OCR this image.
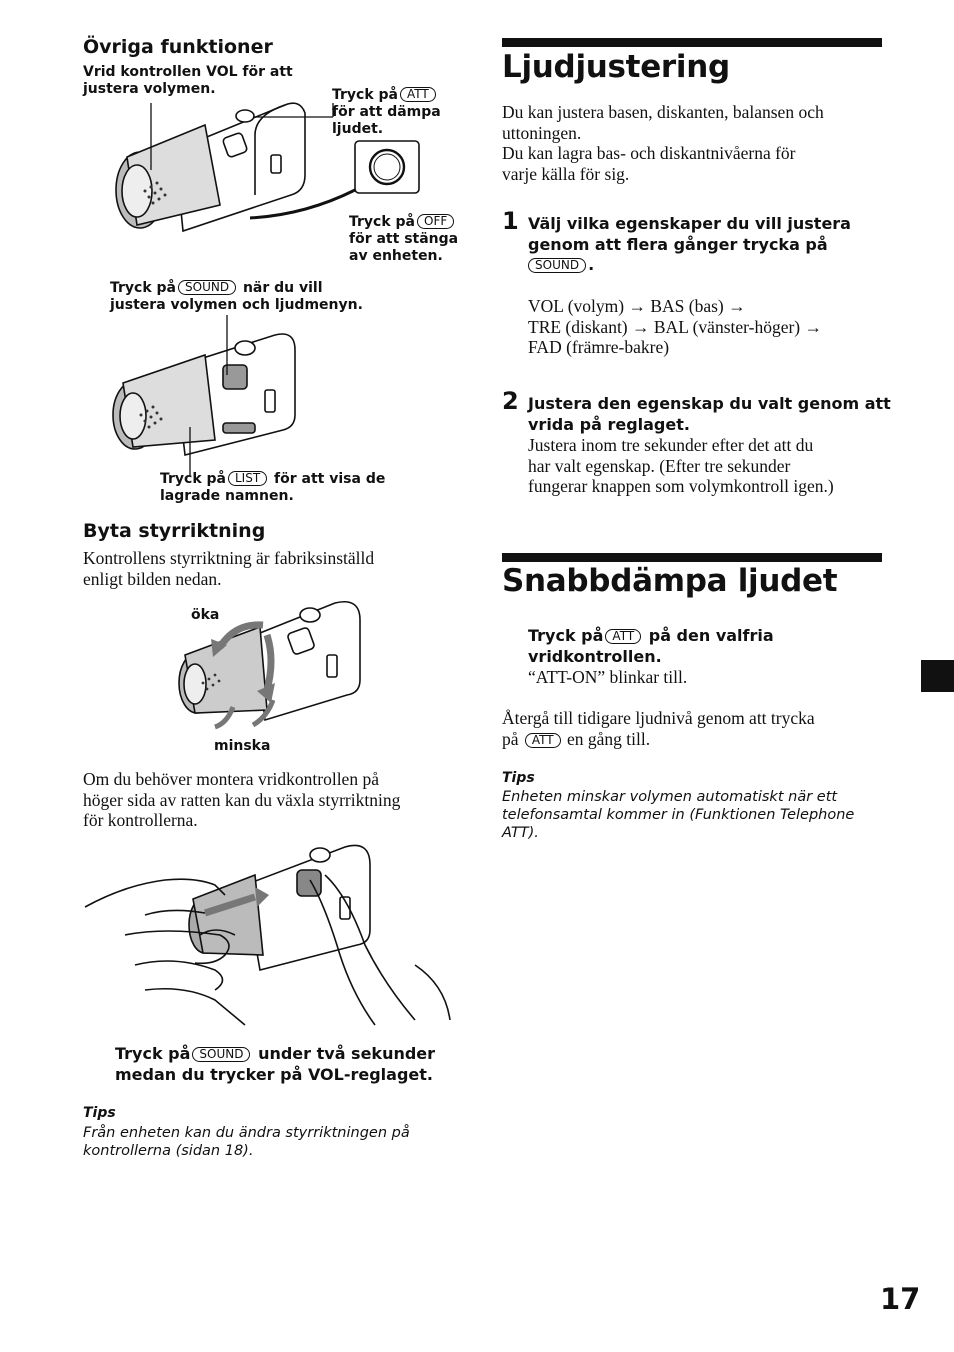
Övriga funktioner
Vrid kontrollen VOL för att
justera volymen.	Tryck på ATT
för att dämpa
ljudet.
Tryck på OFF
för att stänga
av enheten.
Tryck på SOUND när du vill
justera volymen och ljudmenyn.
Tryck på LIST för att visa de
lagrade namnen.
Byta styrriktning
Kontrollens styrriktning är fabriksinställd
enligt bilden nedan.
öka
minska
Om du behöver montera vridkontrollen på
höger sida av ratten kan du växla styrriktning
för kontrollerna.
Tryck på SOUND under två sekunder
medan du trycker på VOL-reglaget.
Tips
Från enheten kan du ändra styrriktningen på
kontrollerna (sidan 18).
Ljudjustering
Du kan justera basen, diskanten, balansen och
uttoningen.
Du kan lagra bas- och diskantnivåerna för
varje källa för sig.
1 Välj vilka egenskaper du vill justera
genom att flera gånger trycka på
SOUND .
VOL (volym) → BAS (bas) →
TRE (diskant) → BAL (vänster-höger) →
FAD (främre-bakre)
2 Justera den egenskap du valt genom att
vrida på reglaget.
Justera inom tre sekunder efter det att du
har valt egenskap. (Efter tre sekunder
fungerar knappen som volymkontroll igen.)
Snabbdämpa ljudet
Tryck på ATT på den valfria
vridkontrollen.
“ATT-ON” blinkar till.
Återgå till tidigare ljudnivå genom att trycka
på ATT en gång till.
Tips
Enheten minskar volymen automatiskt när ett
telefonsamtal kommer in (Funktionen Telephone
ATT).
17
